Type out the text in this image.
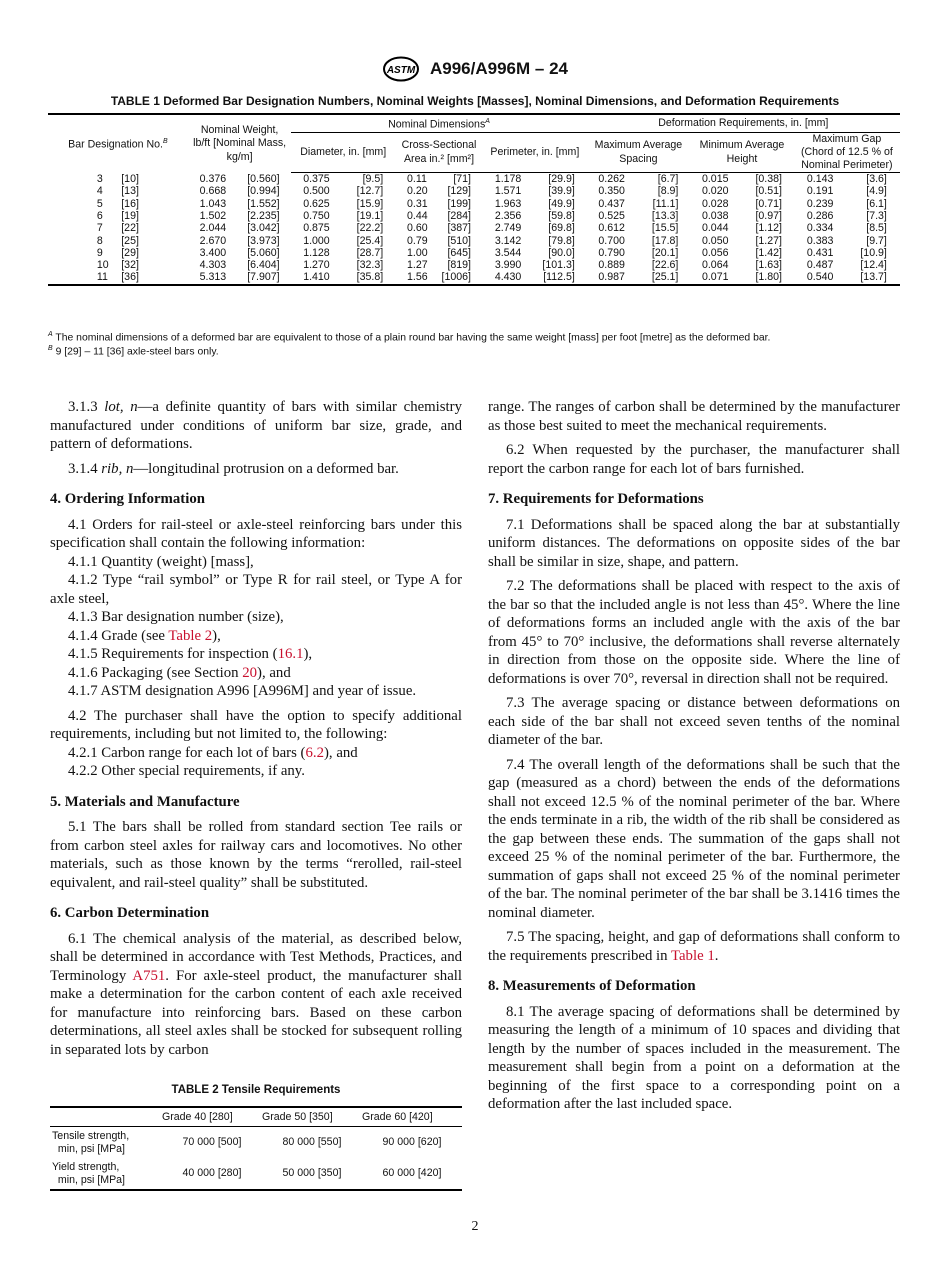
ASTM A996/A996M – 24
TABLE 1 Deformed Bar Designation Numbers, Nominal Weights [Masses], Nominal Dimensions, and Deformation Requirements
Bar Designation No.$^B$	Nominal Weight, lb/ft [Nominal Mass, kg/m]	Nominal Dimensions$^A$			Deformation Requirements, in. [mm]		
		Diameter, in. [mm]	Cross-Sectional Area in.² [mm²]	Perimeter, in. [mm]	Maximum Average Spacing	Minimum Average Height	Maximum Gap (Chord of 12.5 % of Nominal Perimeter)

3 [10]	0.376 [0.560]	0.375 [9.5]	0.11 [71]	1.178 [29.9]	0.262 [6.7]	0.015 [0.38]	0.143 [3.6]

4 [13]	0.668 [0.994]	0.500 [12.7]	0.20 [129]	1.571 [39.9]	0.350 [8.9]	0.020 [0.51]	0.191 [4.9]

5 [16]	1.043 [1.552]	0.625 [15.9]	0.31 [199]	1.963 [49.9]	0.437 [11.1]	0.028 [0.71]	0.239 [6.1]

6 [19]	1.502 [2.235]	0.750 [19.1]	0.44 [284]	2.356 [59.8]	0.525 [13.3]	0.038 [0.97]	0.286 [7.3]

7 [22]	2.044 [3.042]	0.875 [22.2]	0.60 [387]	2.749 [69.8]	0.612 [15.5]	0.044 [1.12]	0.334 [8.5]

8 [25]	2.670 [3.973]	1.000 [25.4]	0.79 [510]	3.142 [79.8]	0.700 [17.8]	0.050 [1.27]	0.383 [9.7]

9 [29]	3.400 [5.060]	1.128 [28.7]	1.00 [645]	3.544 [90.0]	0.790 [20.1]	0.056 [1.42]	0.431 [10.9]

10 [32]	4.303 [6.404]	1.270 [32.3]	1.27 [819]	3.990 [101.3]	0.889 [22.6]	0.064 [1.63]	0.487 [12.4]

11 [36]	5.313 [7.907]	1.410 [35.8]	1.56 [1006]	4.430 [112.5]	0.987 [25.1]	0.071 [1.80]	0.540 [13.7]
$^A$ The nominal dimensions of a deformed bar are equivalent to those of a plain round bar having the same weight [mass] per foot [metre] as the deformed bar.
$^B$ 9 [29] – 11 [36] axle-steel bars only.

3.1.3 lot, n—a definite quantity of bars with similar chemistry manufactured under conditions of uniform bar size, grade, and pattern of deformations.

3.1.4 rib, n—longitudinal protrusion on a deformed bar.

4. Ordering Information

4.1 Orders for rail-steel or axle-steel reinforcing bars under this specification shall contain the following information:

4.1.1 Quantity (weight) [mass],

4.1.2 Type “rail symbol” or Type R for rail steel, or Type A for axle steel,

4.1.3 Bar designation number (size),

4.1.4 Grade (see Table 2),

4.1.5 Requirements for inspection (16.1),

4.1.6 Packaging (see Section 20), and

4.1.7 ASTM designation A996 [A996M] and year of issue.

4.2 The purchaser shall have the option to specify additional requirements, including but not limited to, the following:

4.2.1 Carbon range for each lot of bars (6.2), and

4.2.2 Other special requirements, if any.

5. Materials and Manufacture

5.1 The bars shall be rolled from standard section Tee rails or from carbon steel axles for railway cars and locomotives. No other materials, such as those known by the terms “rerolled, rail-steel equivalent, and rail-steel quality” shall be substituted.

6. Carbon Determination

6.1 The chemical analysis of the material, as described below, shall be determined in accordance with Test Methods, Practices, and Terminology A751. For axle-steel product, the manufacturer shall make a determination for the carbon content of each axle received for manufacture into reinforcing bars. Based on these carbon determinations, all steel axles shall be stocked for subsequent rolling in separated lots by carbon

TABLE 2 Tensile Requirements
	Grade 40 [280]	Grade 50 [350]	Grade 60 [420]
Tensile strength,
min, psi [MPa]	70 000 [500]	80 000 [550]	90 000 [620]
Yield strength,
min, psi [MPa]	40 000 [280]	50 000 [350]	60 000 [420]

range. The ranges of carbon shall be determined by the manufacturer as those best suited to meet the mechanical requirements.

6.2 When requested by the purchaser, the manufacturer shall report the carbon range for each lot of bars furnished.

7. Requirements for Deformations

7.1 Deformations shall be spaced along the bar at substantially uniform distances. The deformations on opposite sides of the bar shall be similar in size, shape, and pattern.

7.2 The deformations shall be placed with respect to the axis of the bar so that the included angle is not less than 45°. Where the line of deformations forms an included angle with the axis of the bar from 45° to 70° inclusive, the deformations shall reverse alternately in direction from those on the opposite side. Where the line of deformations is over 70°, reversal in direction shall not be required.

7.3 The average spacing or distance between deformations on each side of the bar shall not exceed seven tenths of the nominal diameter of the bar.

7.4 The overall length of the deformations shall be such that the gap (measured as a chord) between the ends of the deformations shall not exceed 12.5 % of the nominal perimeter of the bar. Where the ends terminate in a rib, the width of the rib shall be considered as the gap between these ends. The summation of the gaps shall not exceed 25 % of the nominal perimeter of the bar. Furthermore, the summation of gaps shall not exceed 25 % of the nominal perimeter of the bar. The nominal perimeter of the bar shall be 3.1416 times the nominal diameter.

7.5 The spacing, height, and gap of deformations shall conform to the requirements prescribed in Table 1.

8. Measurements of Deformation

8.1 The average spacing of deformations shall be determined by measuring the length of a minimum of 10 spaces and dividing that length by the number of spaces included in the measurement. The measurement shall begin from a point on a deformation at the beginning of the first space to a corresponding point on a deformation after the last included space.

2
